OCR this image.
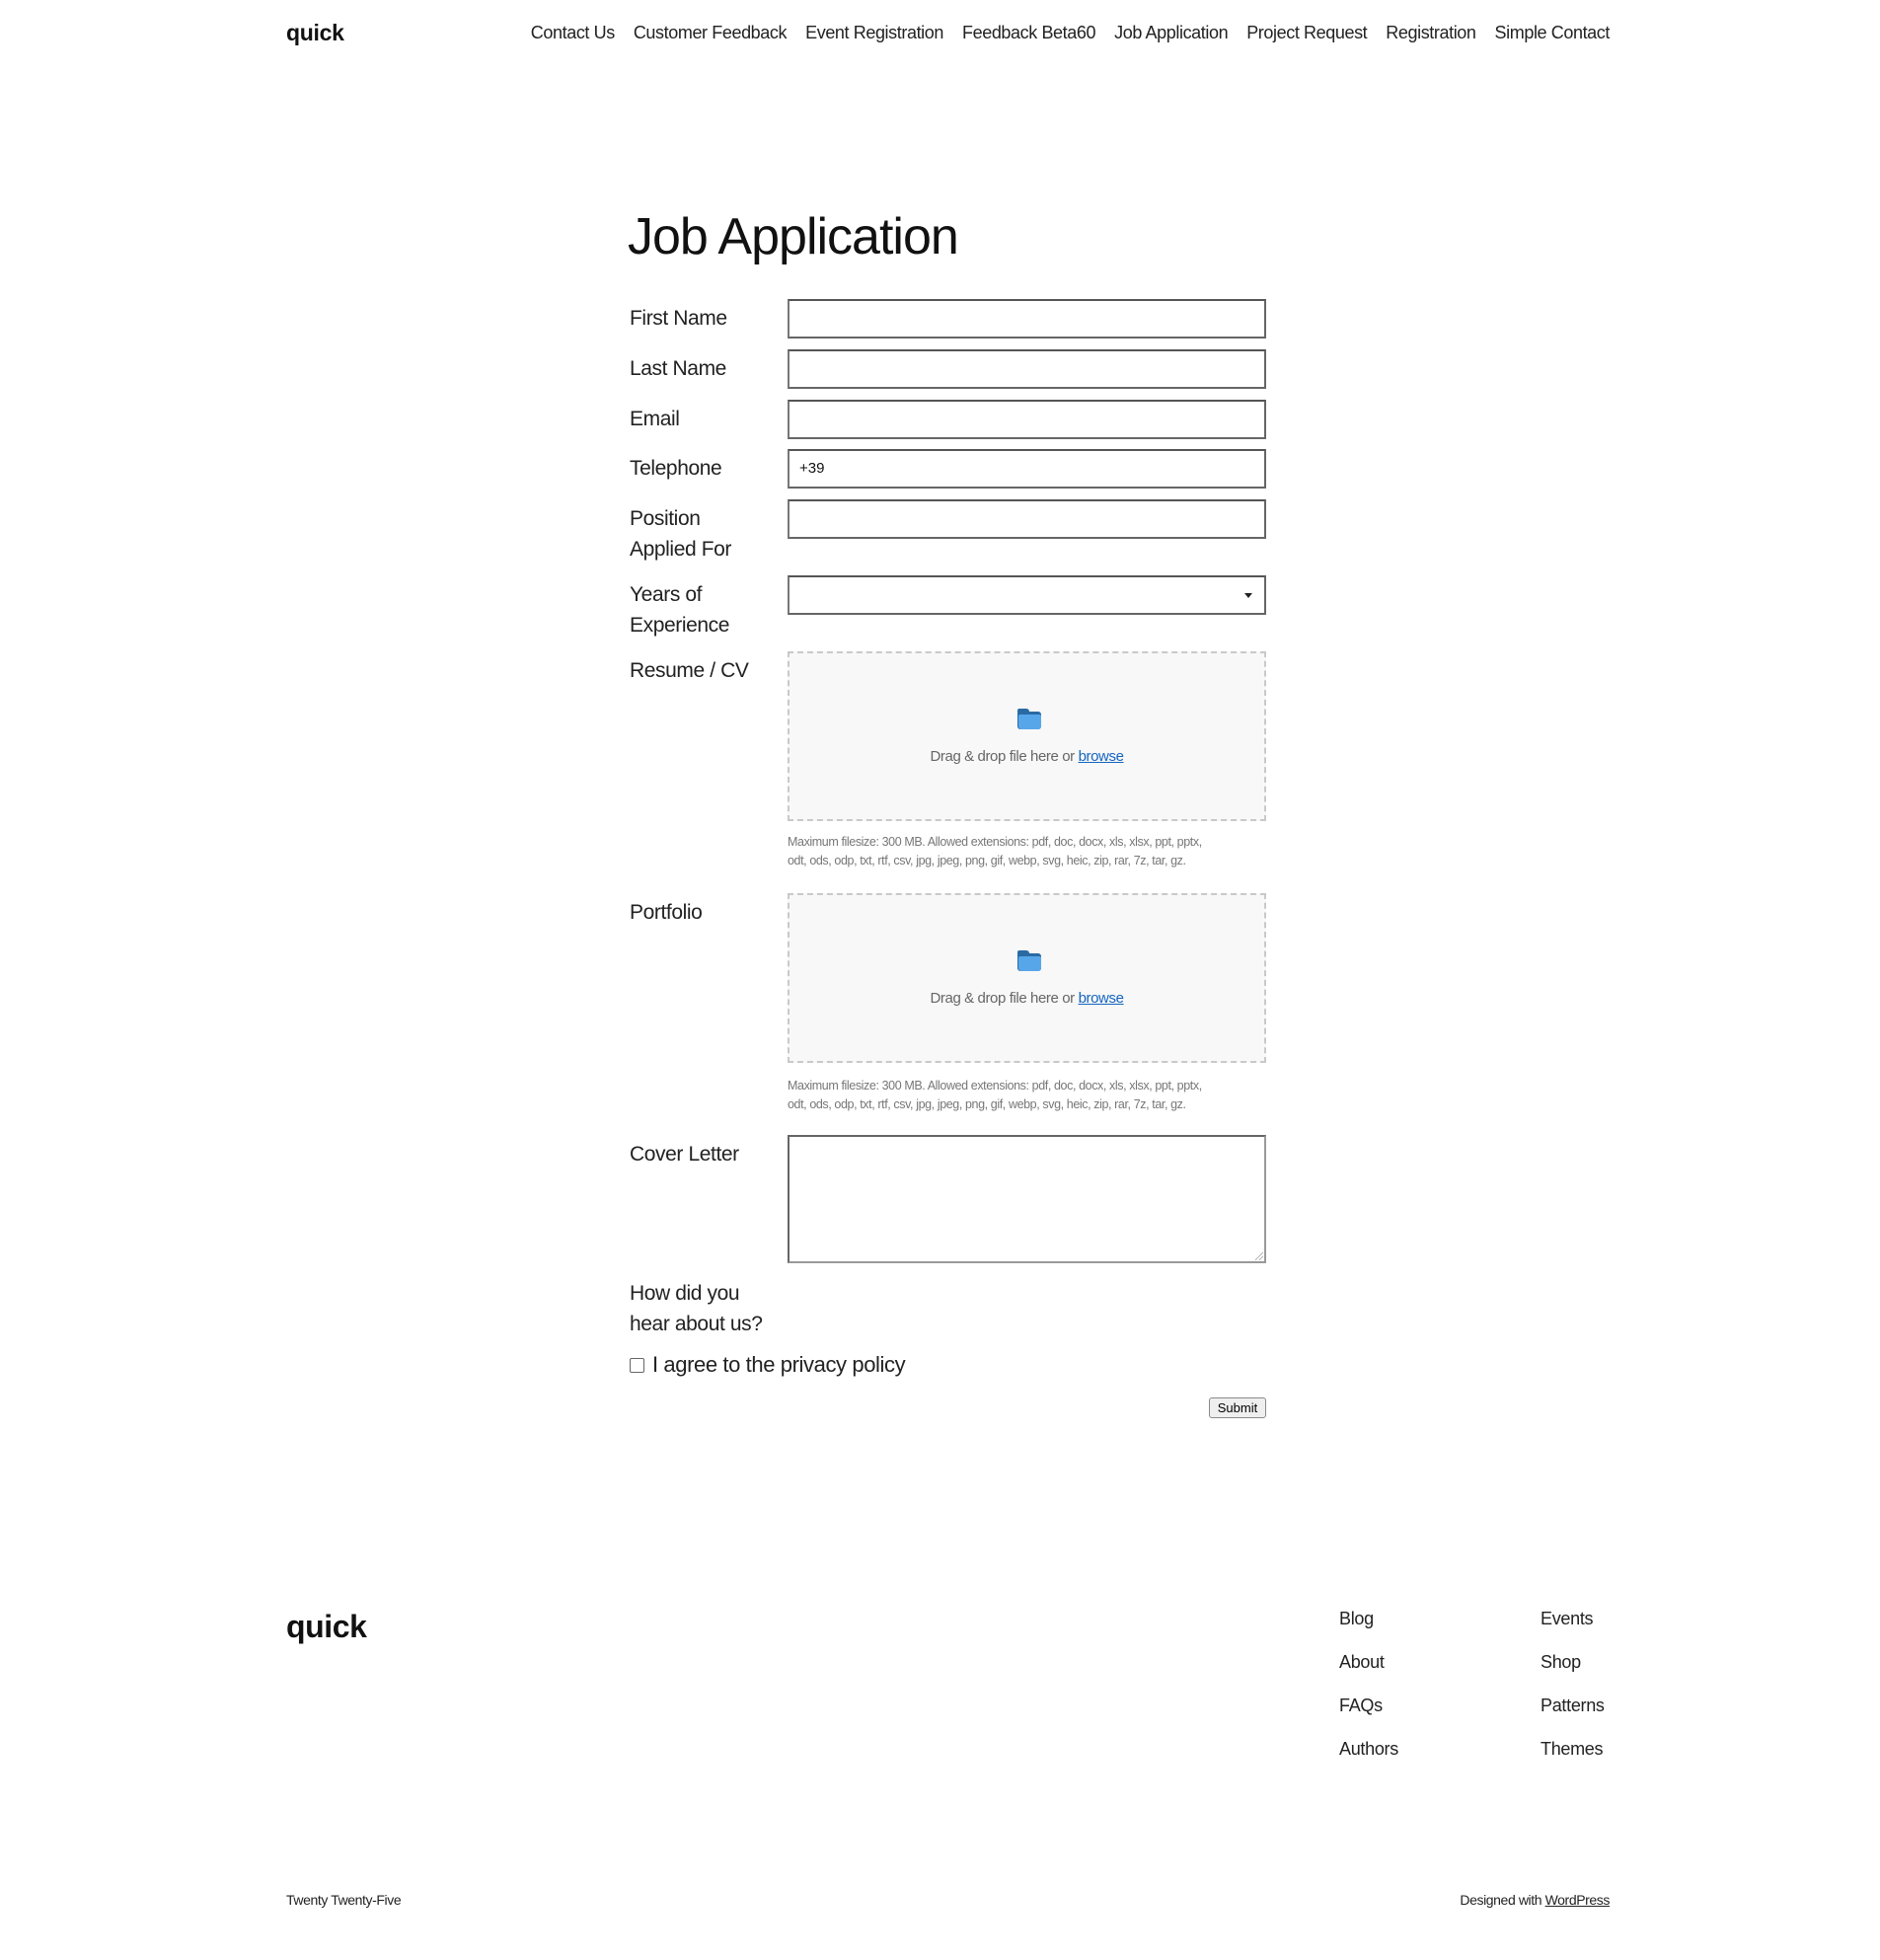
quick	Contact Us Customer Feedback Event Registration Feedback Beta60 Job Application Project Request Registration Simple Contact
Job Application
First Name
Last Name
Email
Telephone	+39
Position
Applied For
Years of
Experience
Resume / CV
Drag & drop file here or browse
Maximum filesize: 300 MB. Allowed extensions: pdf, doc, docx, xls, xlsx, ppt, pptx,
odt, ods, odp, txt, rtf, csv, jpg, jpeg, png, gif, webp, svg, heic, zip, rar, 7z, tar, gz.
Portfolio
Drag & drop file here or browse
Maximum filesize: 300 MB. Allowed extensions: pdf, doc, docx, xls, xlsx, ppt, pptx,
odt, ods, odp, txt, rtf, csv, jpg, jpeg, png, gif, webp, svg, heic, zip, rar, 7z, tar, gz.
Cover Letter
How did you
hear about us?
I agree to the privacy policy
Submit
quick	Blog
About
FAQs
Authors
Events
Shop
Patterns
Themes
Twenty Twenty-Five	Designed with WordPress
